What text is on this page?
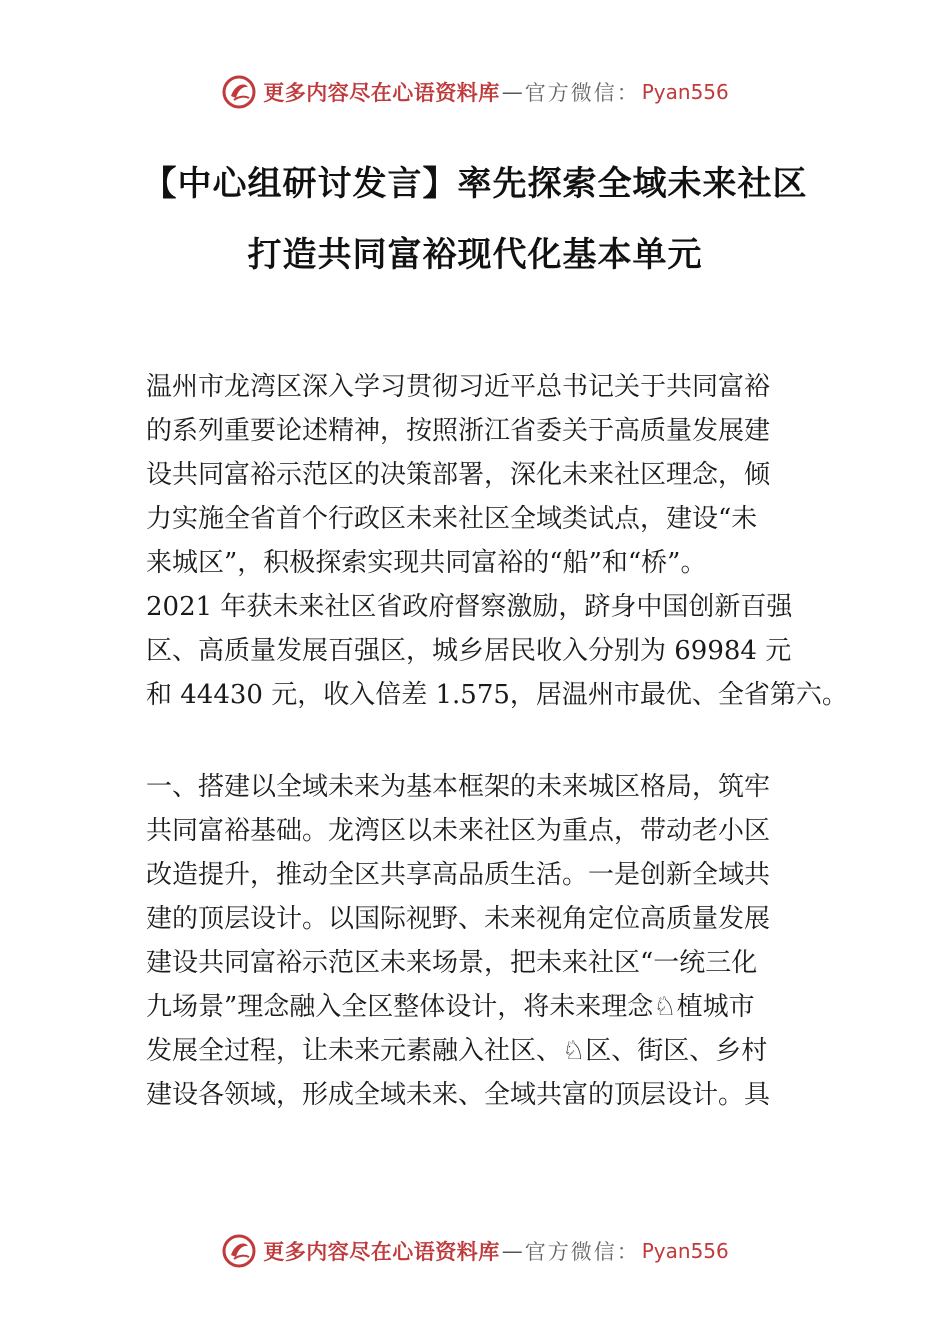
更多内容尽在心语资料库 — 官方微信： Pyan556
【中心组研讨发言】率先探索全域未来社区
打造共同富裕现代化基本单元

温州市龙湾区深入学习贯彻习近平总书记关于共同富裕
的系列重要论述精神，按照浙江省委关于高质量发展建
设共同富裕示范区的决策部署，深化未来社区理念，倾
力实施全省首个行政区未来社区全域类试点，建设“未
来城区”，积极探索实现共同富裕的“船”和“桥”。
2021 年获未来社区省政府督察激励，跻身中国创新百强
区、高质量发展百强区，城乡居民收入分别为 69984 元
和 44430 元，收入倍差 1.575，居温州市最优、全省第六。

一、搭建以全域未来为基本框架的未来城区格局，筑牢
共同富裕基础。龙湾区以未来社区为重点，带动老小区
改造提升，推动全区共享高品质生活。一是创新全域共
建的顶层设计。以国际视野、未来视角定位高质量发展
建设共同富裕示范区未来场景，把未来社区“一统三化
九场景”理念融入全区整体设计，将未来理念♘植城市
发展全过程，让未来元素融入社区、♘区、街区、乡村
建设各领域，形成全域未来、全域共富的顶层设计。具

更多内容尽在心语资料库 — 官方微信： Pyan556
